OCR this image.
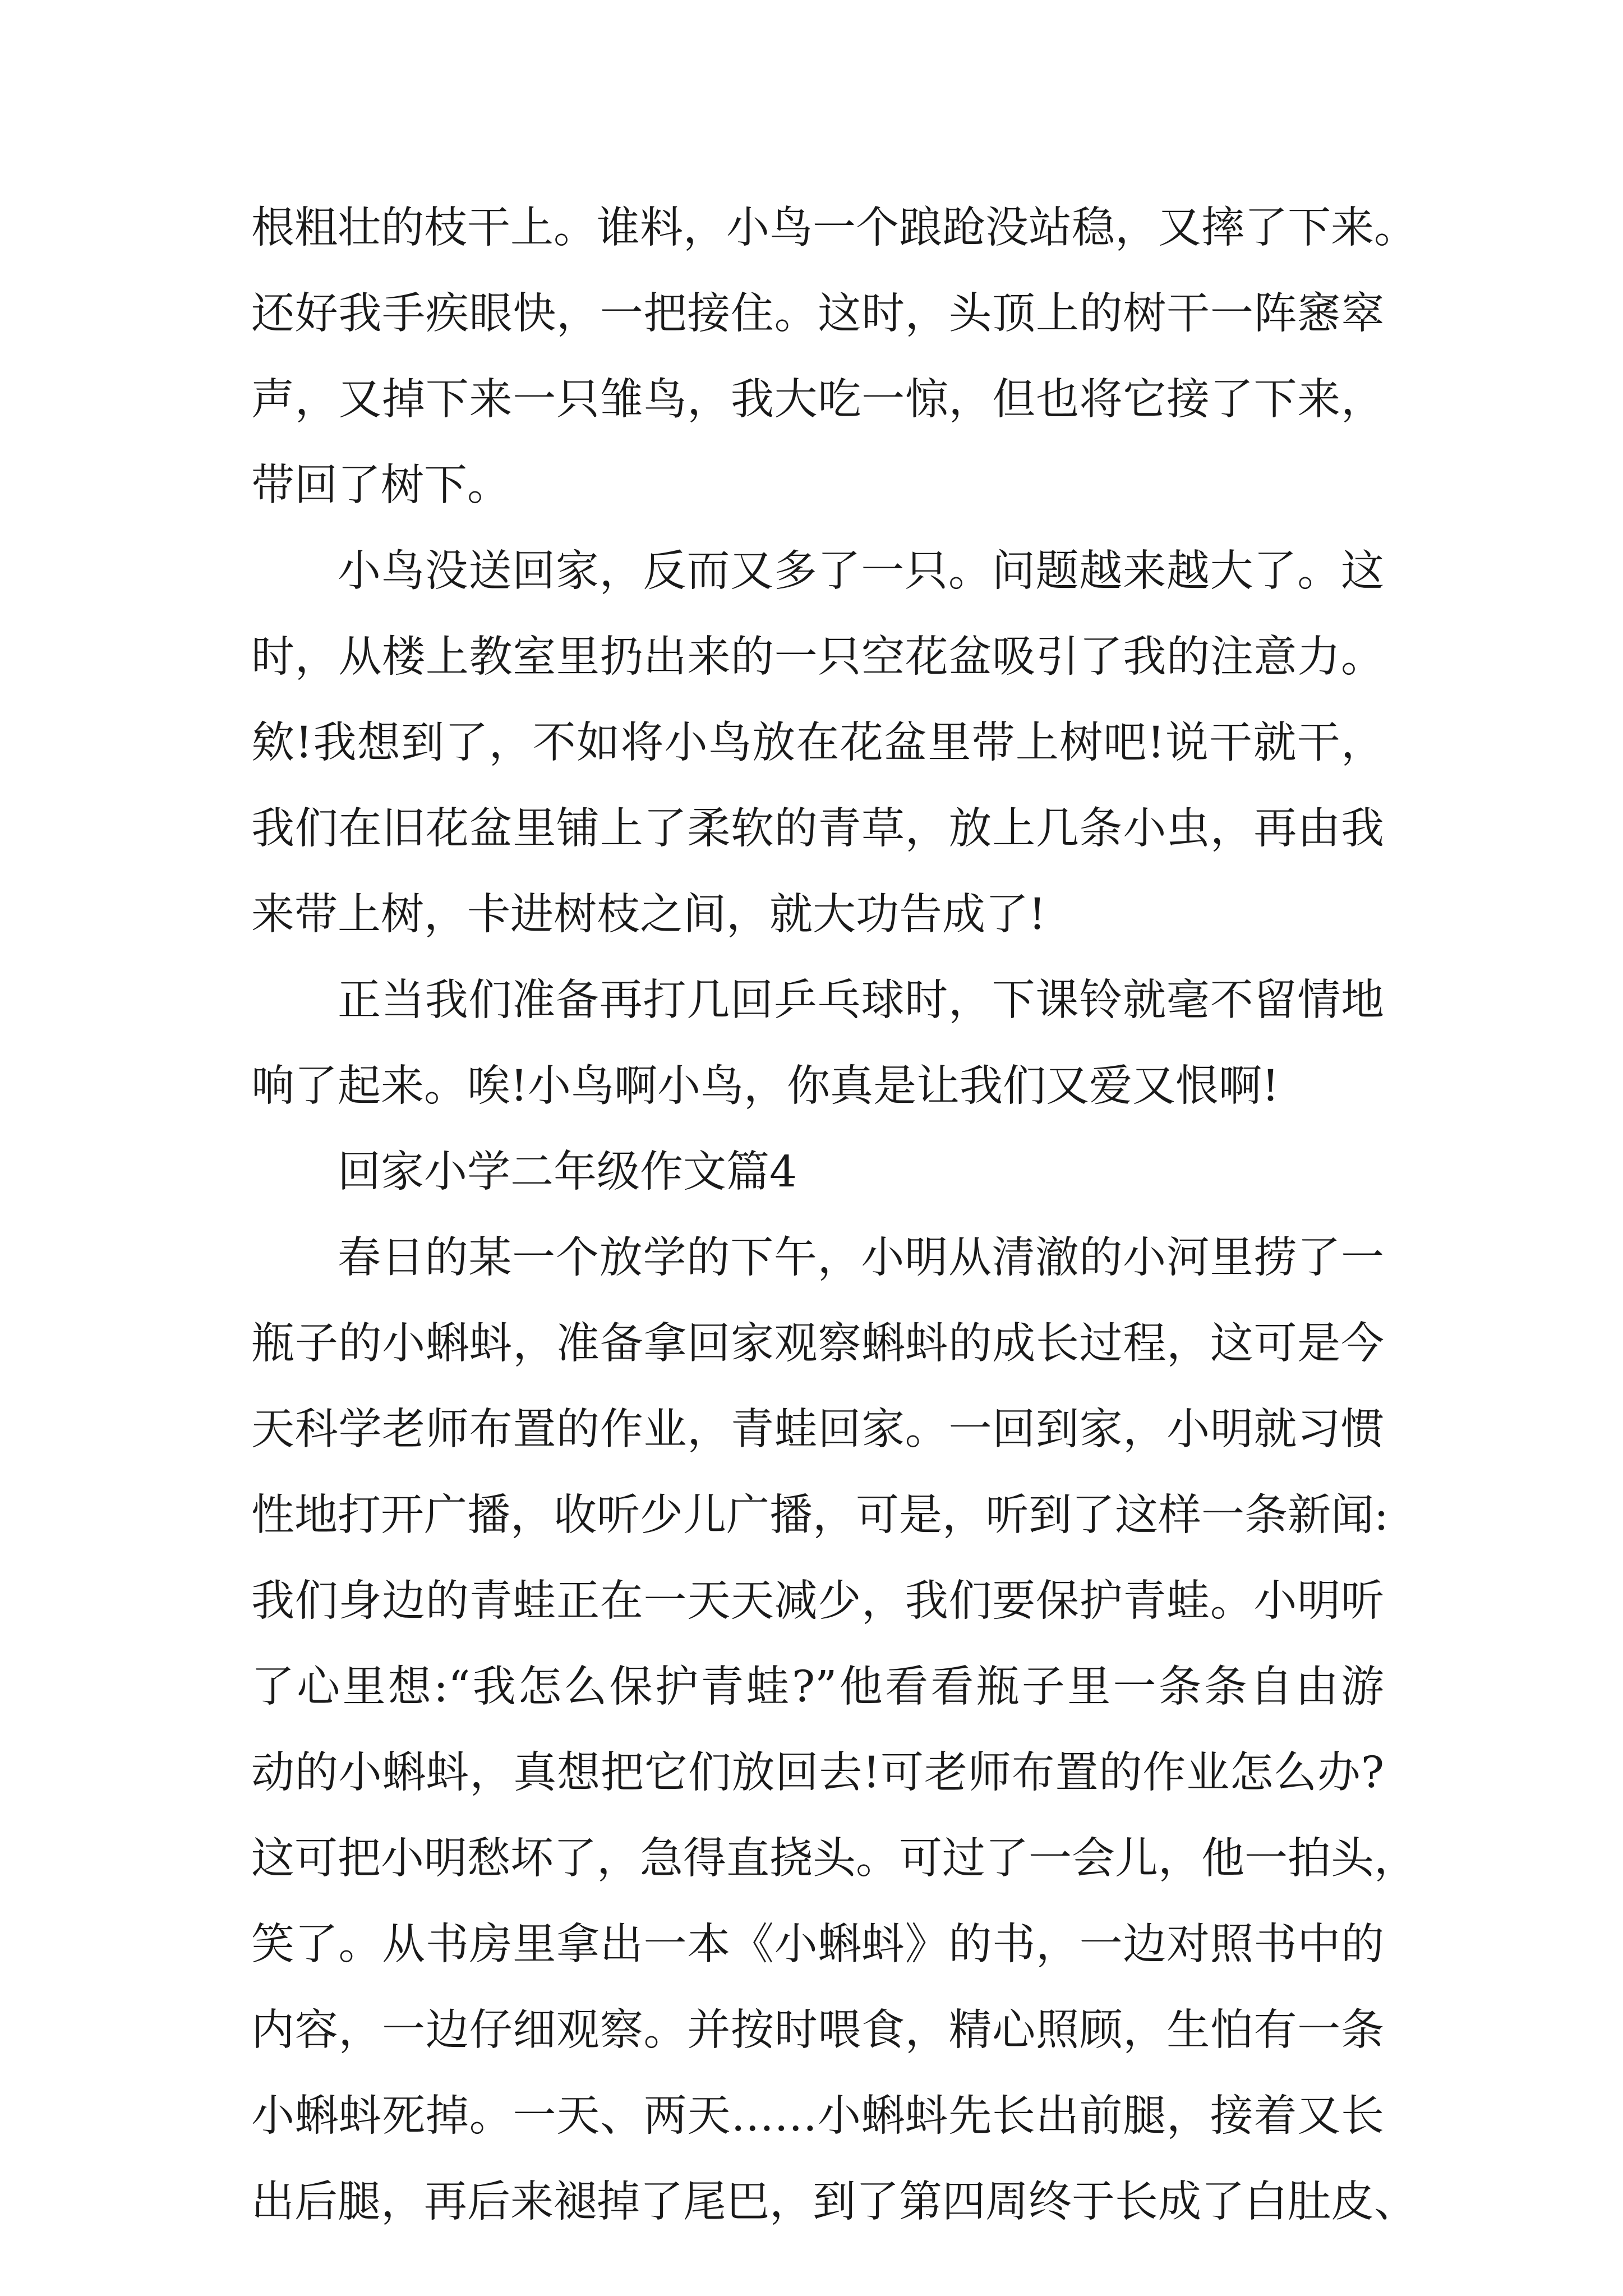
根粗壮的枝干上。谁料，小鸟一个踉跄没站稳，又摔了下来。
还好我手疾眼快，一把接住。这时，头顶上的树干一阵窸窣
声，又掉下来一只雏鸟，我大吃一惊，但也将它接了下来，
带回了树下。
小鸟没送回家，反而又多了一只。问题越来越大了。这
时，从楼上教室里扔出来的一只空花盆吸引了我的注意力。
欸!我想到了，不如将小鸟放在花盆里带上树吧!说干就干，
我们在旧花盆里铺上了柔软的青草，放上几条小虫，再由我
来带上树，卡进树枝之间，就大功告成了!
正当我们准备再打几回乒乓球时，下课铃就毫不留情地
响了起来。唉!小鸟啊小鸟，你真是让我们又爱又恨啊!
回家小学二年级作文篇4
春日的某一个放学的下午，小明从清澈的小河里捞了一
瓶子的小蝌蚪，准备拿回家观察蝌蚪的成长过程，这可是今
天科学老师布置的作业，青蛙回家。一回到家，小明就习惯
性地打开广播，收听少儿广播，可是，听到了这样一条新闻:
我们身边的青蛙正在一天天减少，我们要保护青蛙。小明听
了心里想:“我怎么保护青蛙?”他看看瓶子里一条条自由游
动的小蝌蚪，真想把它们放回去!可老师布置的作业怎么办?
这可把小明愁坏了，急得直挠头。可过了一会儿，他一拍头，
笑了。从书房里拿出一本《小蝌蚪》的书，一边对照书中的
内容，一边仔细观察。并按时喂食，精心照顾，生怕有一条
小蝌蚪死掉。一天、两天……小蝌蚪先长出前腿，接着又长
出后腿，再后来褪掉了尾巴，到了第四周终于长成了白肚皮、
